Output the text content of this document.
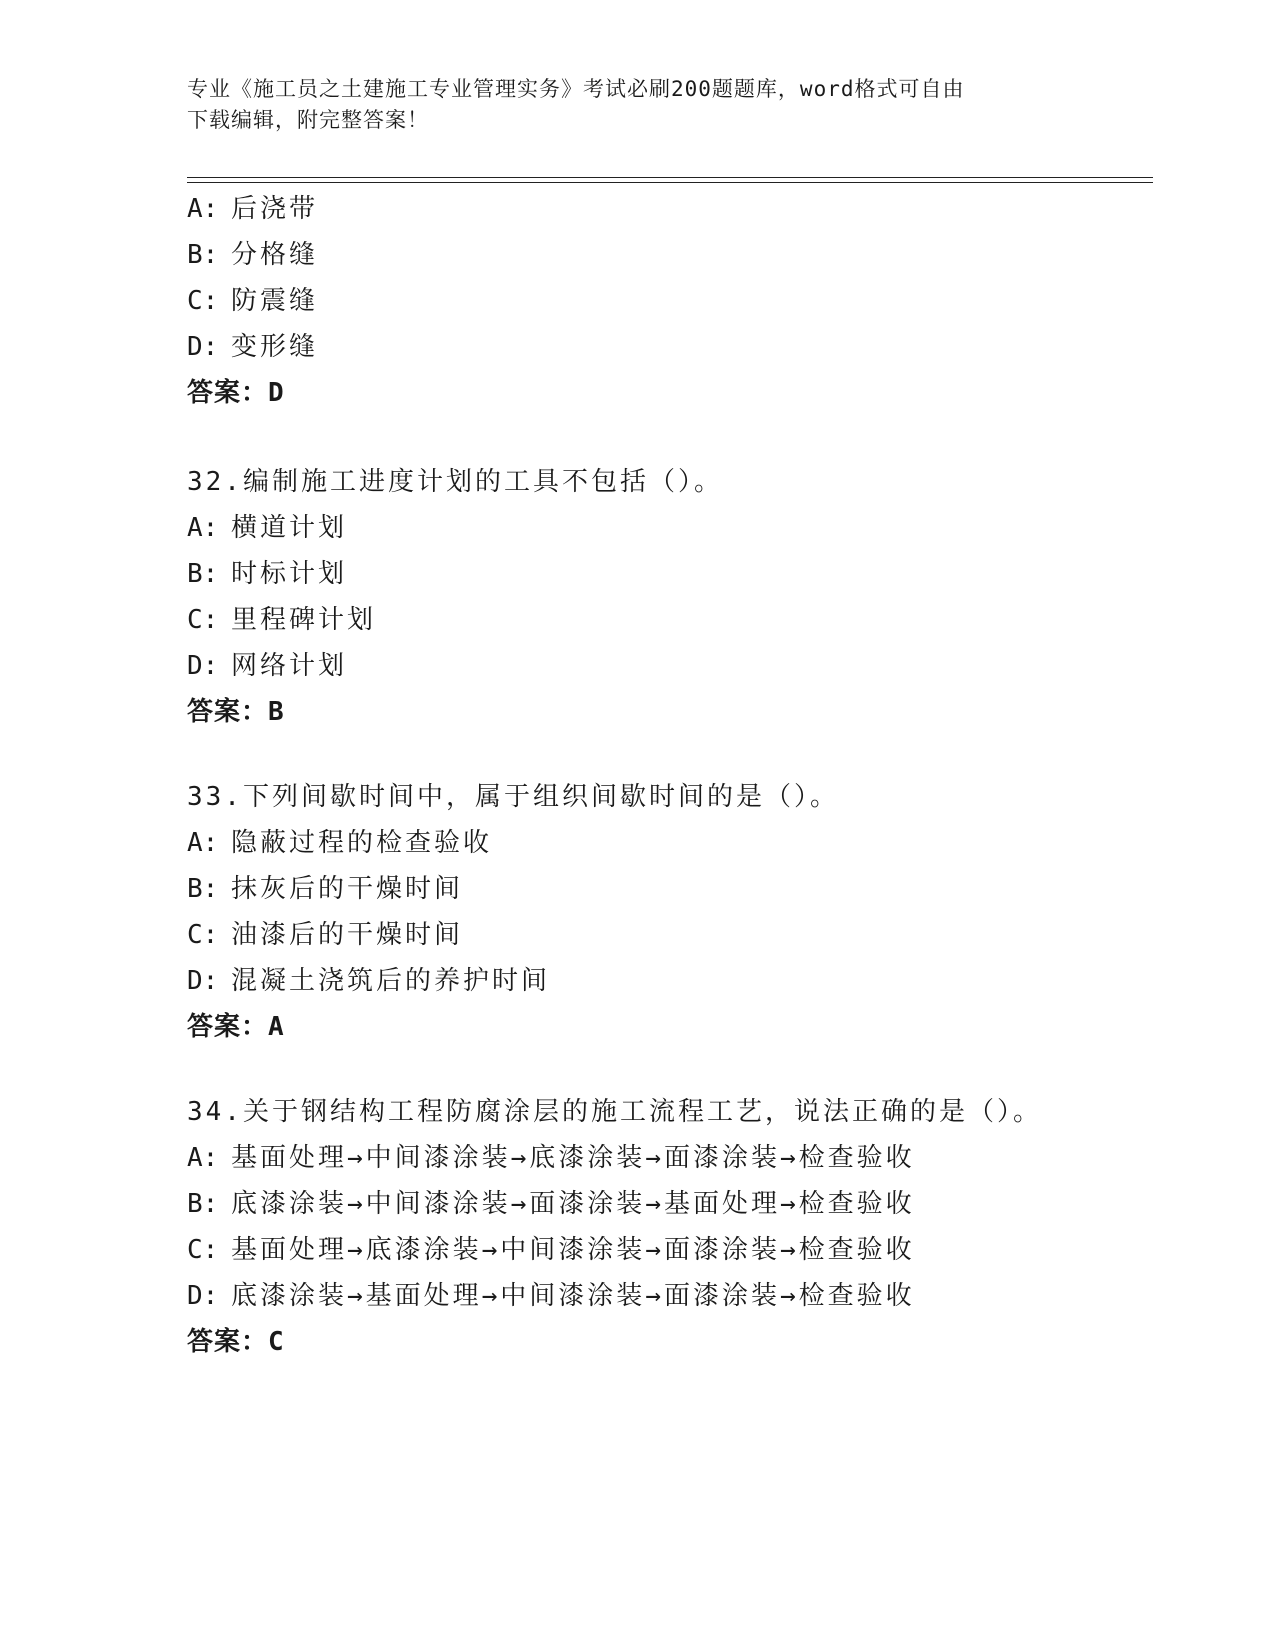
专业《施工员之土建施工专业管理实务》考试必刷200题题库，word格式可自由
下载编辑，附完整答案！
A: 后浇带
B: 分格缝
C: 防震缝
D: 变形缝
答案：D
32.编制施工进度计划的工具不包括（）。
A: 横道计划
B: 时标计划
C: 里程碑计划
D: 网络计划
答案：B
33.下列间歇时间中，属于组织间歇时间的是（）。
A: 隐蔽过程的检查验收
B: 抹灰后的干燥时间
C: 油漆后的干燥时间
D: 混凝土浇筑后的养护时间
答案：A
34.关于钢结构工程防腐涂层的施工流程工艺，说法正确的是（）。
A: 基面处理→中间漆涂装→底漆涂装→面漆涂装→检查验收
B: 底漆涂装→中间漆涂装→面漆涂装→基面处理→检查验收
C: 基面处理→底漆涂装→中间漆涂装→面漆涂装→检查验收
D: 底漆涂装→基面处理→中间漆涂装→面漆涂装→检查验收
答案：C
